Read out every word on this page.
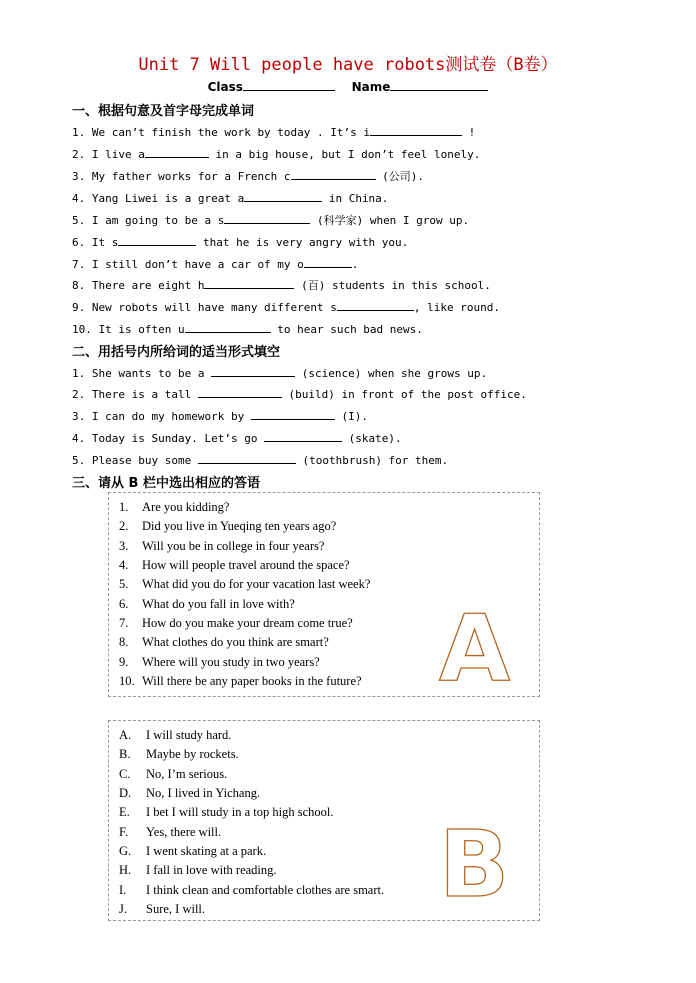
Unit 7 Will people have robots测试卷（B卷）
Class	Name
一、根据句意及首字母完成单词
1. We can’t finish the work by today . It’s i	!
2. I live a	in a big house, but I don’t feel lonely.
3. My father works for a French c	(公司).
4. Yang Liwei is a great a	in China.
5. I am going to be a s	(科学家) when I grow up.
6. It s	that he is very angry with you.
7. I still don’t have a car of my o	.
8. There are eight h	(百) students in this school.
9. New robots will have many different s	, like round.
10. It is often u	to hear such bad news.
二、用括号内所给词的适当形式填空
1. She wants to be a	(science) when she grows up.
2. There is a tall	(build) in front of the post office.
3. I can do my homework by	(I).
4. Today is Sunday. Let’s go	(skate).
5. Please buy some	(toothbrush) for them.
三、请从 B 栏中选出相应的答语
1. Are you kidding?
2. Did you live in Yueqing ten years ago?
3. Will you be in college in four years?
4. How will people travel around the space?
5. What did you do for your vacation last week?
6. What do you fall in love with?
7. How do you make your dream come true?
8. What clothes do you think are smart?
9. Where will you study in two years?
10. Will there be any paper books in the future? A
A. I will study hard.
B. Maybe by rockets.
C. No, I’m serious.
D. No, I lived in Yichang.
E. I bet I will study in a top high school.
F. Yes, there will.
G. I went skating at a park.
H. I fall in love with reading.
I. I think clean and comfortable clothes are smart.
J. Sure, I will.	B
